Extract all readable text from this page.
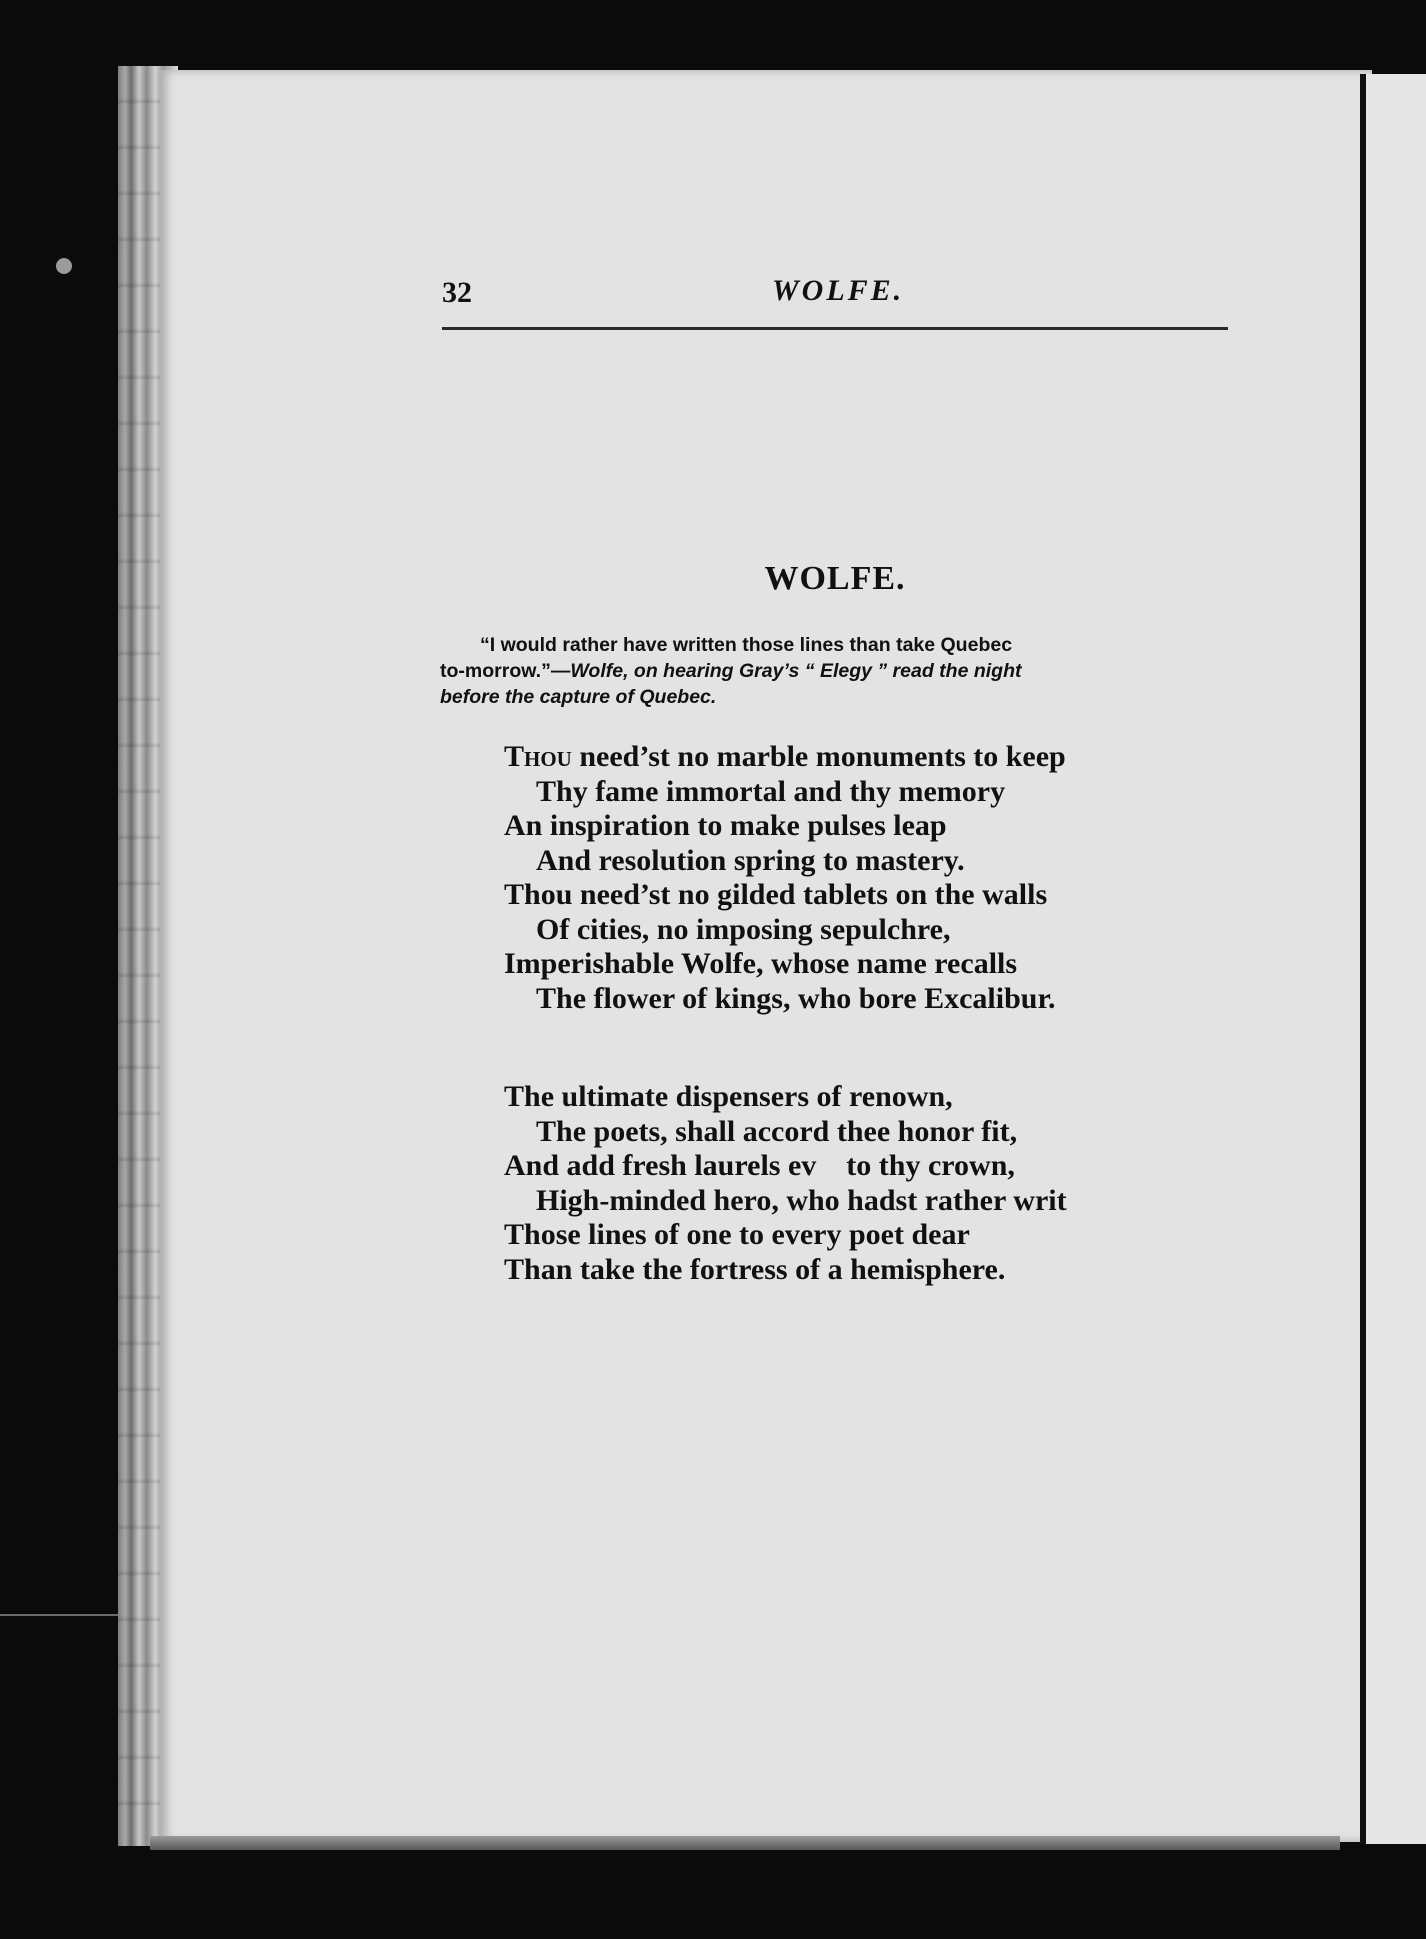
32	WOLFE.
WOLFE.
“I would rather have written those lines than take Quebec
to-morrow.”—Wolfe, on hearing Gray’s “ Elegy ” read the night
before the capture of Quebec.
Thou need’st no marble monuments to keep
Thy fame immortal and thy memory
An inspiration to make pulses leap
And resolution spring to mastery.
Thou need’st no gilded tablets on the walls
Of cities, no imposing sepulchre,
Imperishable Wolfe, whose name recalls
The flower of kings, who bore Excalibur.
The ultimate dispensers of renown,
The poets, shall accord thee honor fit,
And add fresh laurels ev    to thy crown,
High-minded hero, who hadst rather writ
Those lines of one to every poet dear
Than take the fortress of a hemisphere.
